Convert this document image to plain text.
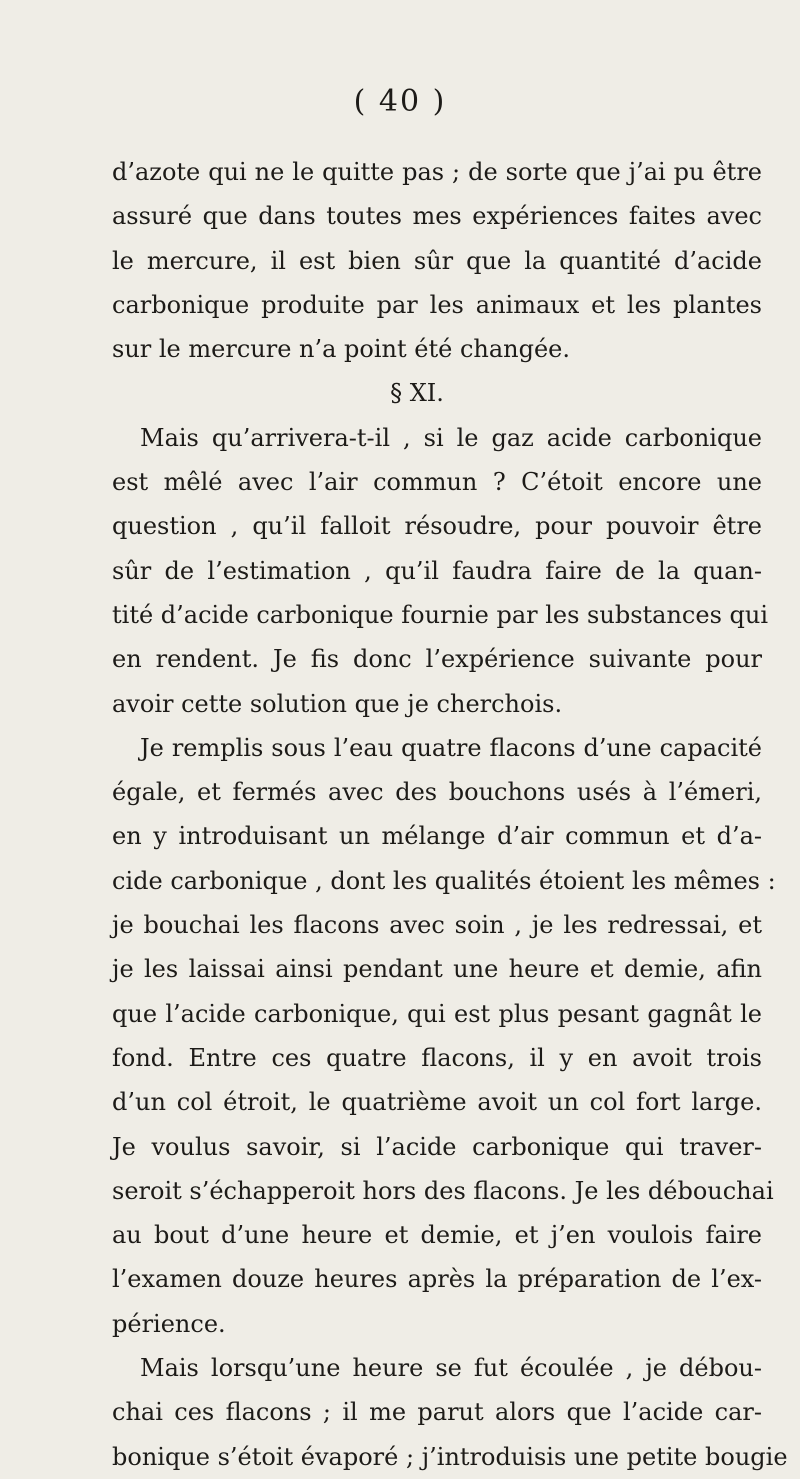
( 40 )
d’azote qui ne le quitte pas ; de sorte que j’ai pu être
assuré que dans toutes mes expériences faites avec
le mercure, il est bien sûr que la quantité d’acide
carbonique produite par les animaux et les plantes
sur le mercure n’a point été changée.
§ XI.
Mais qu’arrivera-t-il , si le gaz acide carbonique
est mêlé avec l’air commun ? C’étoit encore une
question , qu’il falloit résoudre, pour pouvoir être
sûr de l’estimation , qu’il faudra faire de la quan-
tité d’acide carbonique fournie par les substances qui
en rendent. Je fis donc l’expérience suivante pour
avoir cette solution que je cherchois.
Je remplis sous l’eau quatre flacons d’une capacité
égale, et fermés avec des bouchons usés à l’émeri,
en y introduisant un mélange d’air commun et d’a-
cide carbonique , dont les qualités étoient les mêmes :
je bouchai les flacons avec soin , je les redressai, et
je les laissai ainsi pendant une heure et demie, afin
que l’acide carbonique, qui est plus pesant gagnât le
fond. Entre ces quatre flacons, il y en avoit trois
d’un col étroit, le quatrième avoit un col fort large.
Je voulus savoir, si l’acide carbonique qui traver-
seroit s’échapperoit hors des flacons. Je les débouchai
au bout d’une heure et demie, et j’en voulois faire
l’examen douze heures après la préparation de l’ex-
périence.
Mais lorsqu’une heure se fut écoulée , je débou-
chai ces flacons ; il me parut alors que l’acide car-
bonique s’étoit évaporé ; j’introduisis une petite bougie
